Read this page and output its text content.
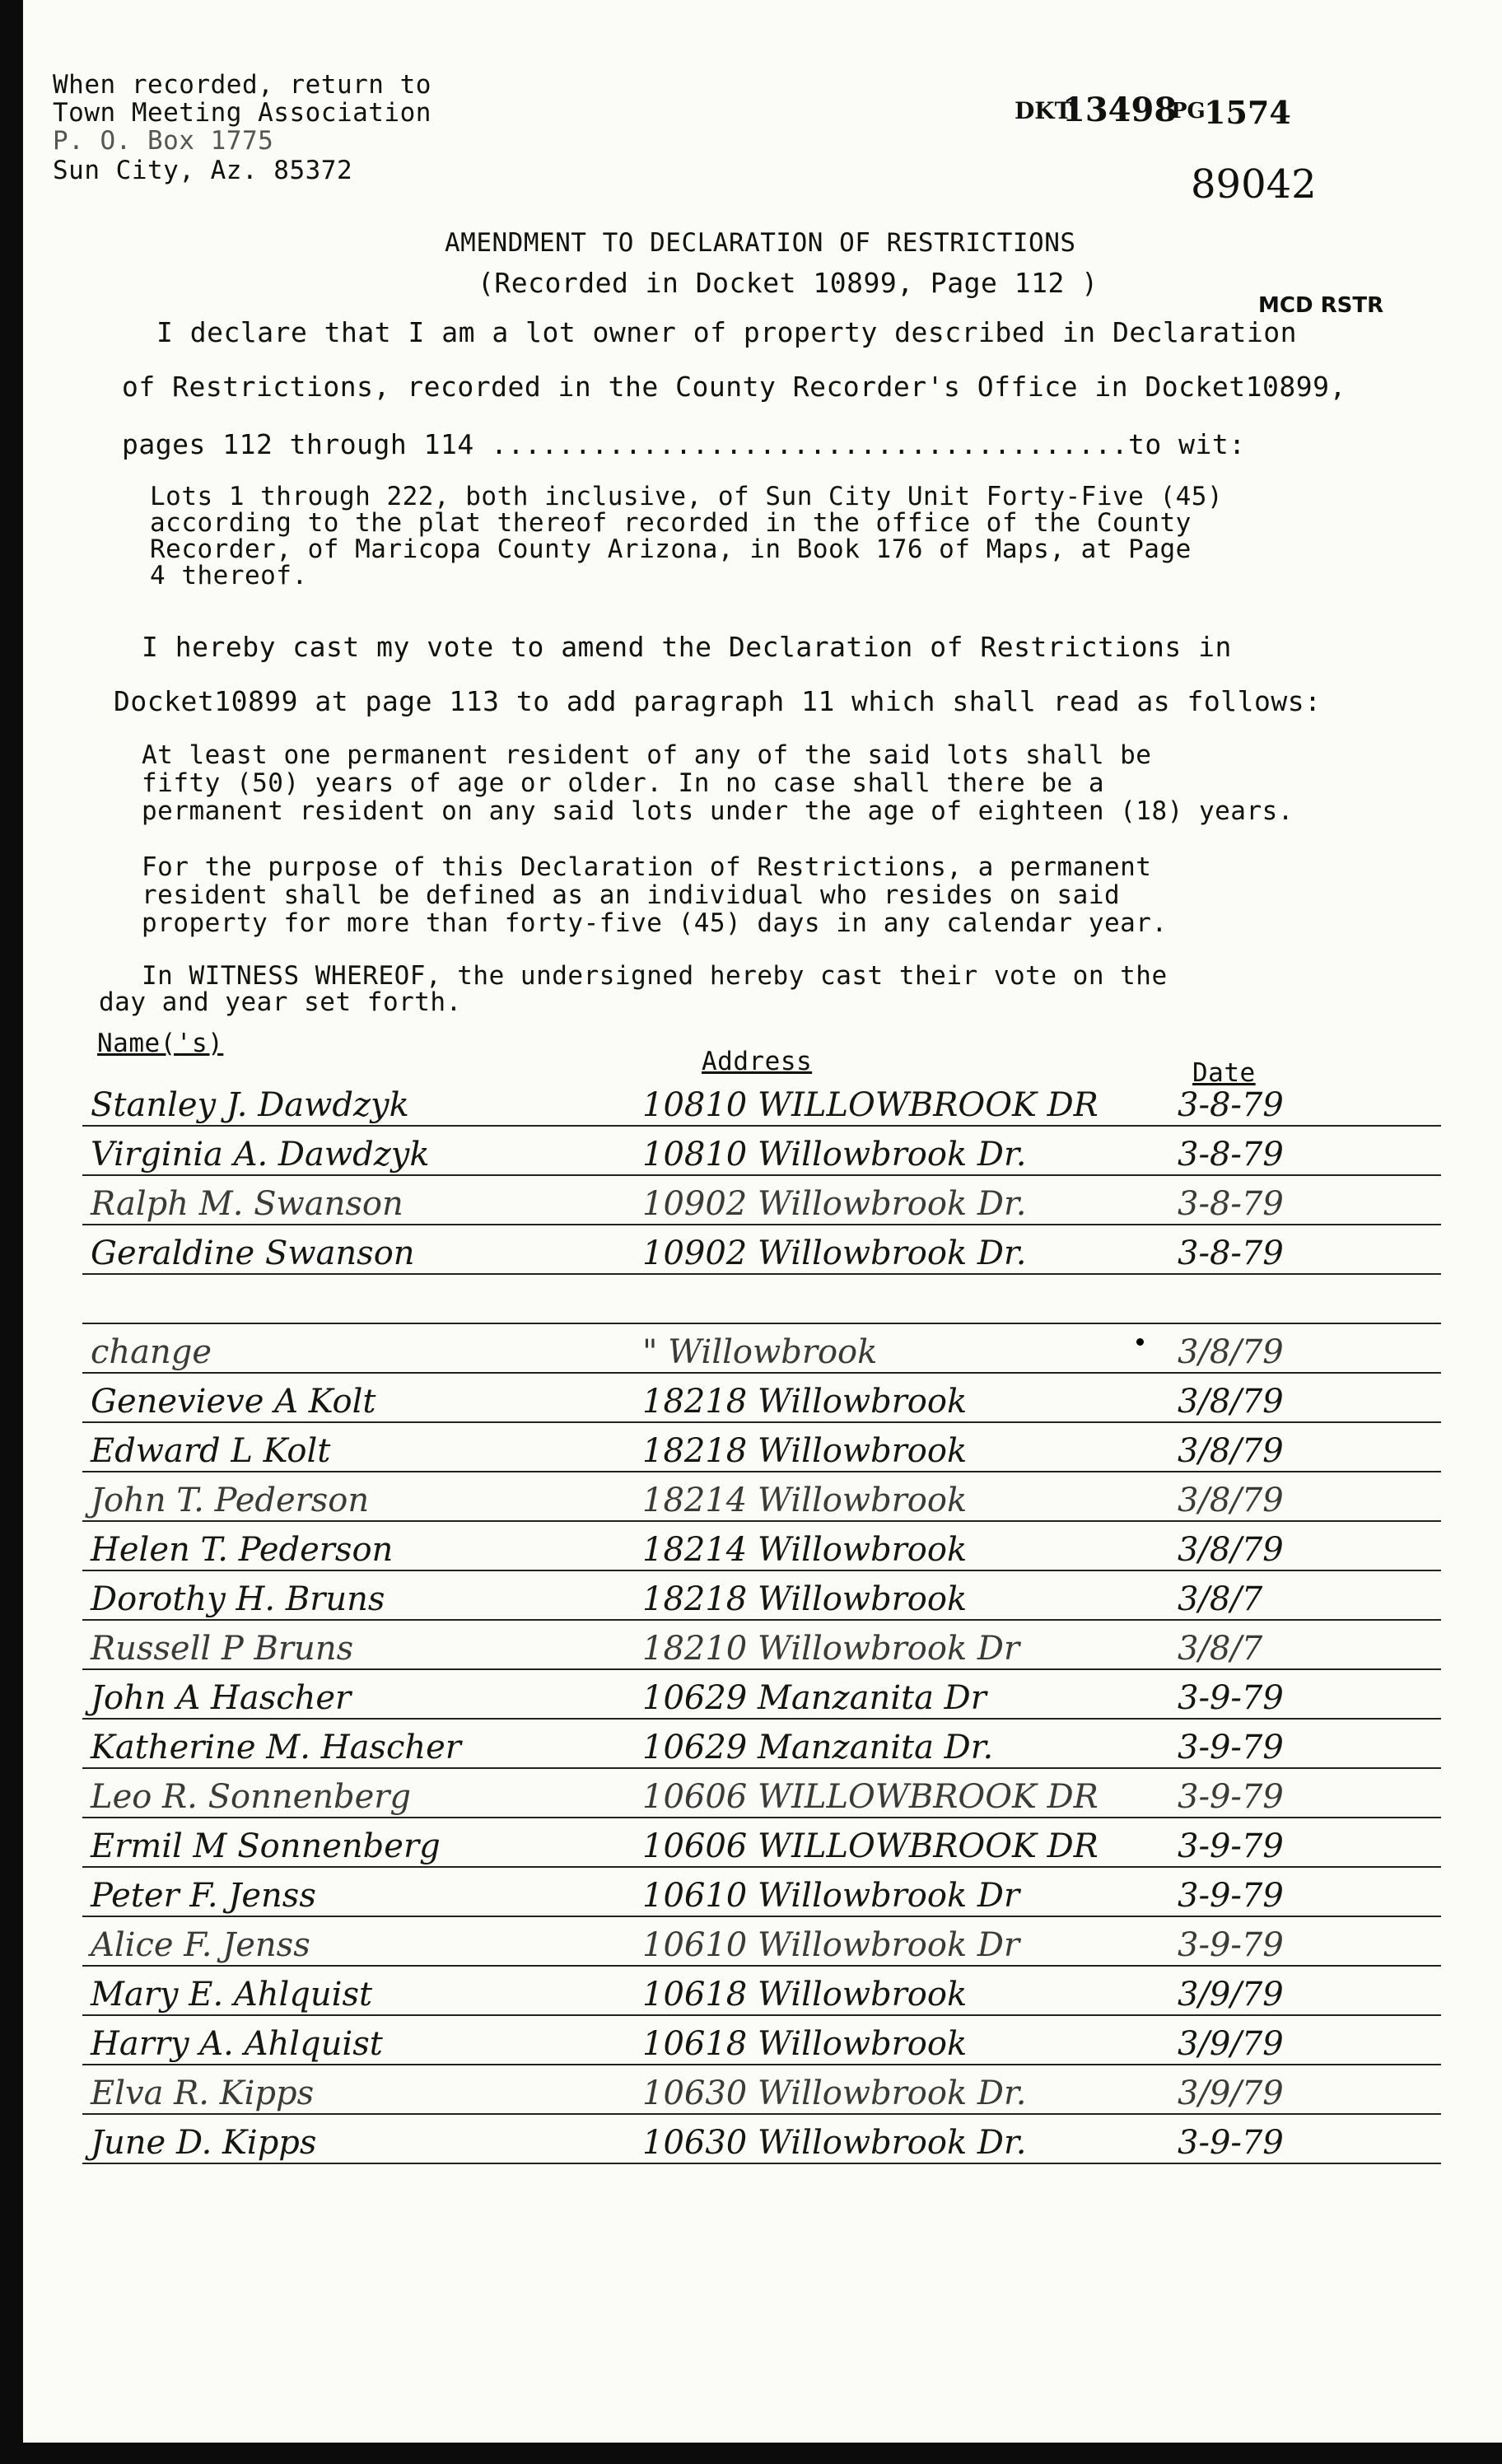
When recorded, return to
Town Meeting Association
P. O. Box 1775
Sun City, Az. 85372
DKT
13498
PG
1574
89042
MCD RSTR
AMENDMENT TO DECLARATION OF RESTRICTIONS
(Recorded in Docket 10899, Page 112 )
I declare that I am a lot owner of property described in Declaration
of Restrictions, recorded in the County Recorder's Office in Docket10899,
pages 112 through 114 ......................................to wit:
Lots 1 through 222, both inclusive, of Sun City Unit Forty-Five (45)
according to the plat thereof recorded in the office of the County
Recorder, of Maricopa County Arizona, in Book 176 of Maps, at Page
4 thereof.
I hereby cast my vote to amend the Declaration of Restrictions in
Docket10899 at page 113 to add paragraph 11 which shall read as follows:
At least one permanent resident of any of the said lots shall be
fifty (50) years of age or older. In no case shall there be a
permanent resident on any said lots under the age of eighteen (18) years.
For the purpose of this Declaration of Restrictions, a permanent
resident shall be defined as an individual who resides on said
property for more than forty-five (45) days in any calendar year.
In WITNESS WHEREOF, the undersigned hereby cast their vote on the
day and year set forth.
Name('s)
Address	Date
Stanley J. Dawdzyk	10810 WILLOWBROOK DR 3-8-79
Virginia A. Dawdzyk	10810 Willowbrook Dr.	3-8-79
Ralph M. Swanson	10902 Willowbrook Dr.	3-8-79
Geraldine Swanson	10902 Willowbrook Dr.	3-8-79
change	" Willowbrook	3/8/79
Genevieve A Kolt	18218 Willowbrook	3/8/79
Edward L Kolt	18218 Willowbrook	3/8/79
John T. Pederson	18214 Willowbrook	3/8/79
Helen T. Pederson	18214 Willowbrook	3/8/79
Dorothy H. Bruns	18218 Willowbrook	3/8/7
Russell P Bruns	18210 Willowbrook Dr	3/8/7
John A Hascher	10629 Manzanita Dr	3-9-79
Katherine M. Hascher	10629 Manzanita Dr.	3-9-79
Leo R. Sonnenberg	10606 WILLOWBROOK DR 3-9-79
Ermil M Sonnenberg	10606 WILLOWBROOK DR 3-9-79
Peter F. Jenss	10610 Willowbrook Dr	3-9-79
Alice F. Jenss	10610 Willowbrook Dr	3-9-79
Mary E. Ahlquist	10618 Willowbrook	3/9/79
Harry A. Ahlquist	10618 Willowbrook	3/9/79
Elva R. Kipps	10630 Willowbrook Dr.	3/9/79
June D. Kipps	10630 Willowbrook Dr.	3-9-79
